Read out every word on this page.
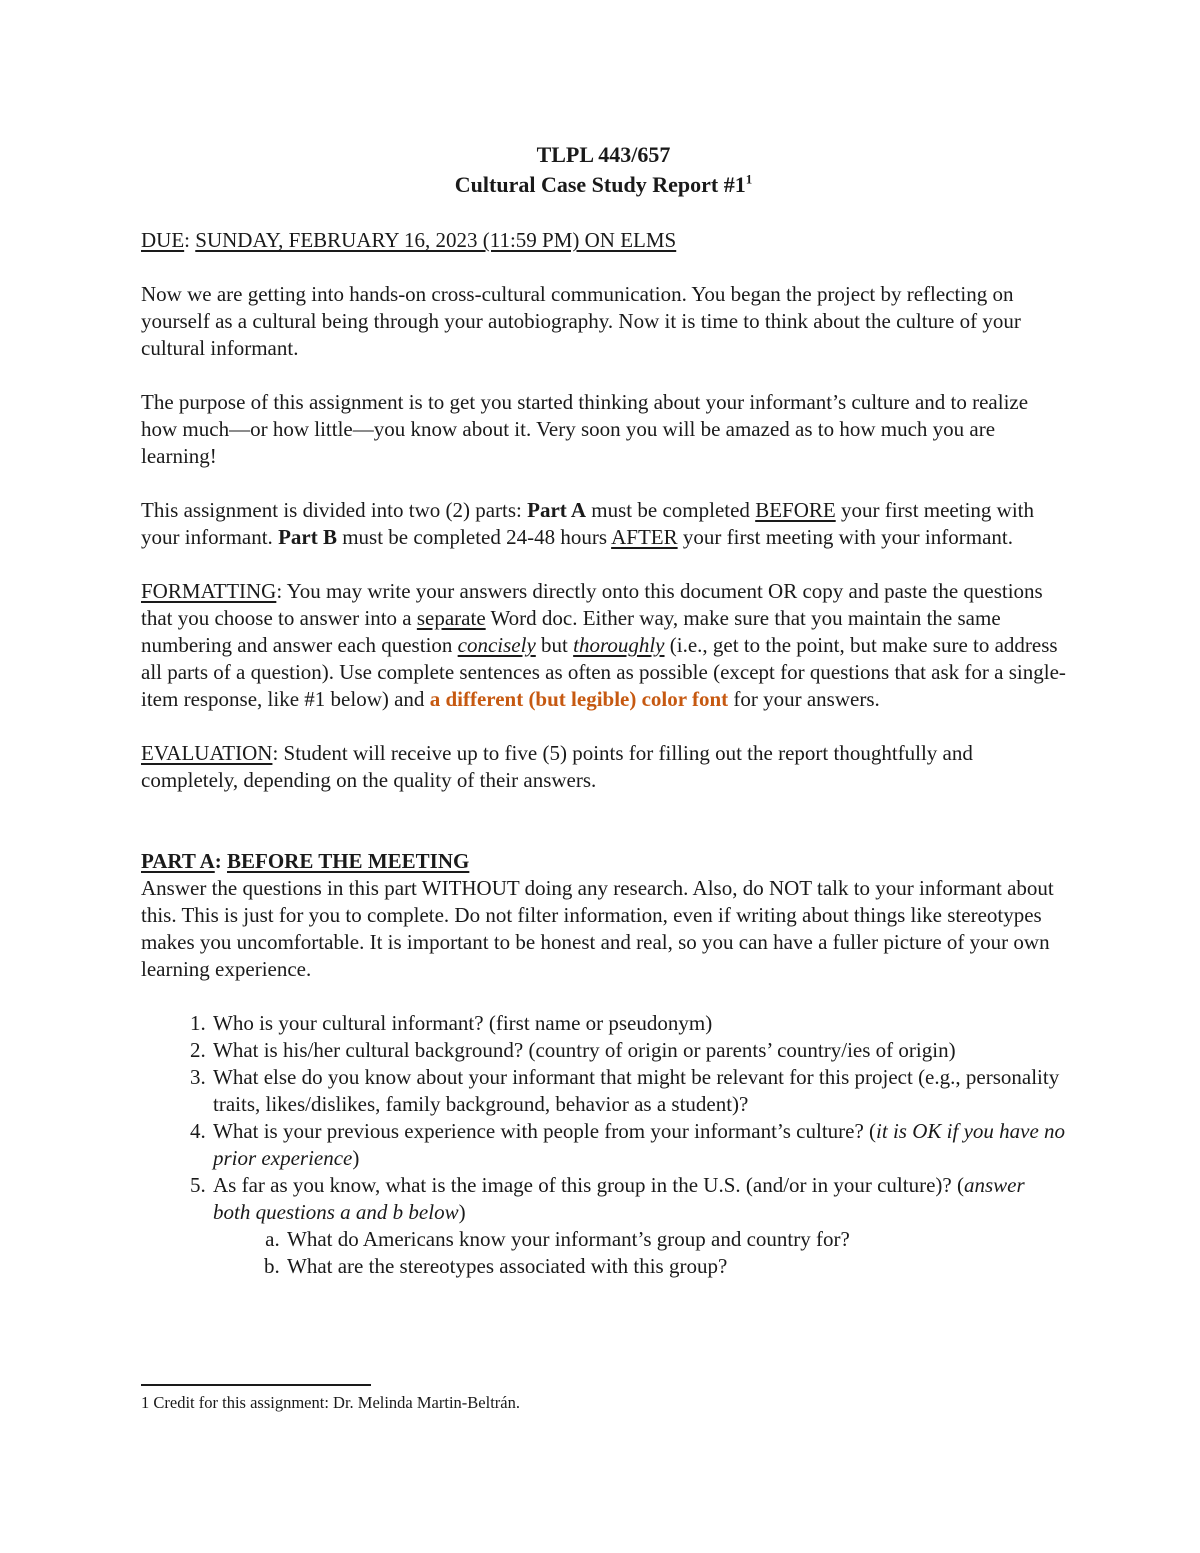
TLPL 443/657
Cultural Case Study Report $\#1^1$

DUE: SUNDAY, FEBRUARY 16, 2023 (11:59 PM) ON ELMS

Now we are getting into hands-on cross-cultural communication. You began the project by reflecting on yourself as a cultural being through your autobiography. Now it is time to think about the culture of your cultural informant.

The purpose of this assignment is to get you started thinking about your informant’s culture and to realize how much—or how little—you know about it. Very soon you will be amazed as to how much you are learning!

This assignment is divided into two (2) parts: Part A must be completed BEFORE your first meeting with your informant. Part B must be completed 24-48 hours AFTER your first meeting with your informant.

FORMATTING: You may write your answers directly onto this document OR copy and paste the questions that you choose to answer into a separate Word doc. Either way, make sure that you maintain the same numbering and answer each question concisely but thoroughly (i.e., get to the point, but make sure to address all parts of a question). Use complete sentences as often as possible (except for questions that ask for a single-item response, like #1 below) and a different (but legible) color font for your answers.

EVALUATION: Student will receive up to five (5) points for filling out the report thoughtfully and completely, depending on the quality of their answers.

PART A: BEFORE THE MEETING

Answer the questions in this part WITHOUT doing any research. Also, do NOT talk to your informant about this. This is just for you to complete. Do not filter information, even if writing about things like stereotypes makes you uncomfortable. It is important to be honest and real, so you can have a fuller picture of your own learning experience.

1. Who is your cultural informant? (first name or pseudonym)
2. What is his/her cultural background? (country of origin or parents’ country/ies of origin)
3. What else do you know about your informant that might be relevant for this project (e.g., personality traits, likes/dislikes, family background, behavior as a student)?
4. What is your previous experience with people from your informant’s culture? (it is OK if you have no prior experience)
5. As far as you know, what is the image of this group in the U.S. (and/or in your culture)? (answer both questions a and b below)
a. What do Americans know your informant’s group and country for?
b. What are the stereotypes associated with this group?
1 Credit for this assignment: Dr. Melinda Martin-Beltrán.
